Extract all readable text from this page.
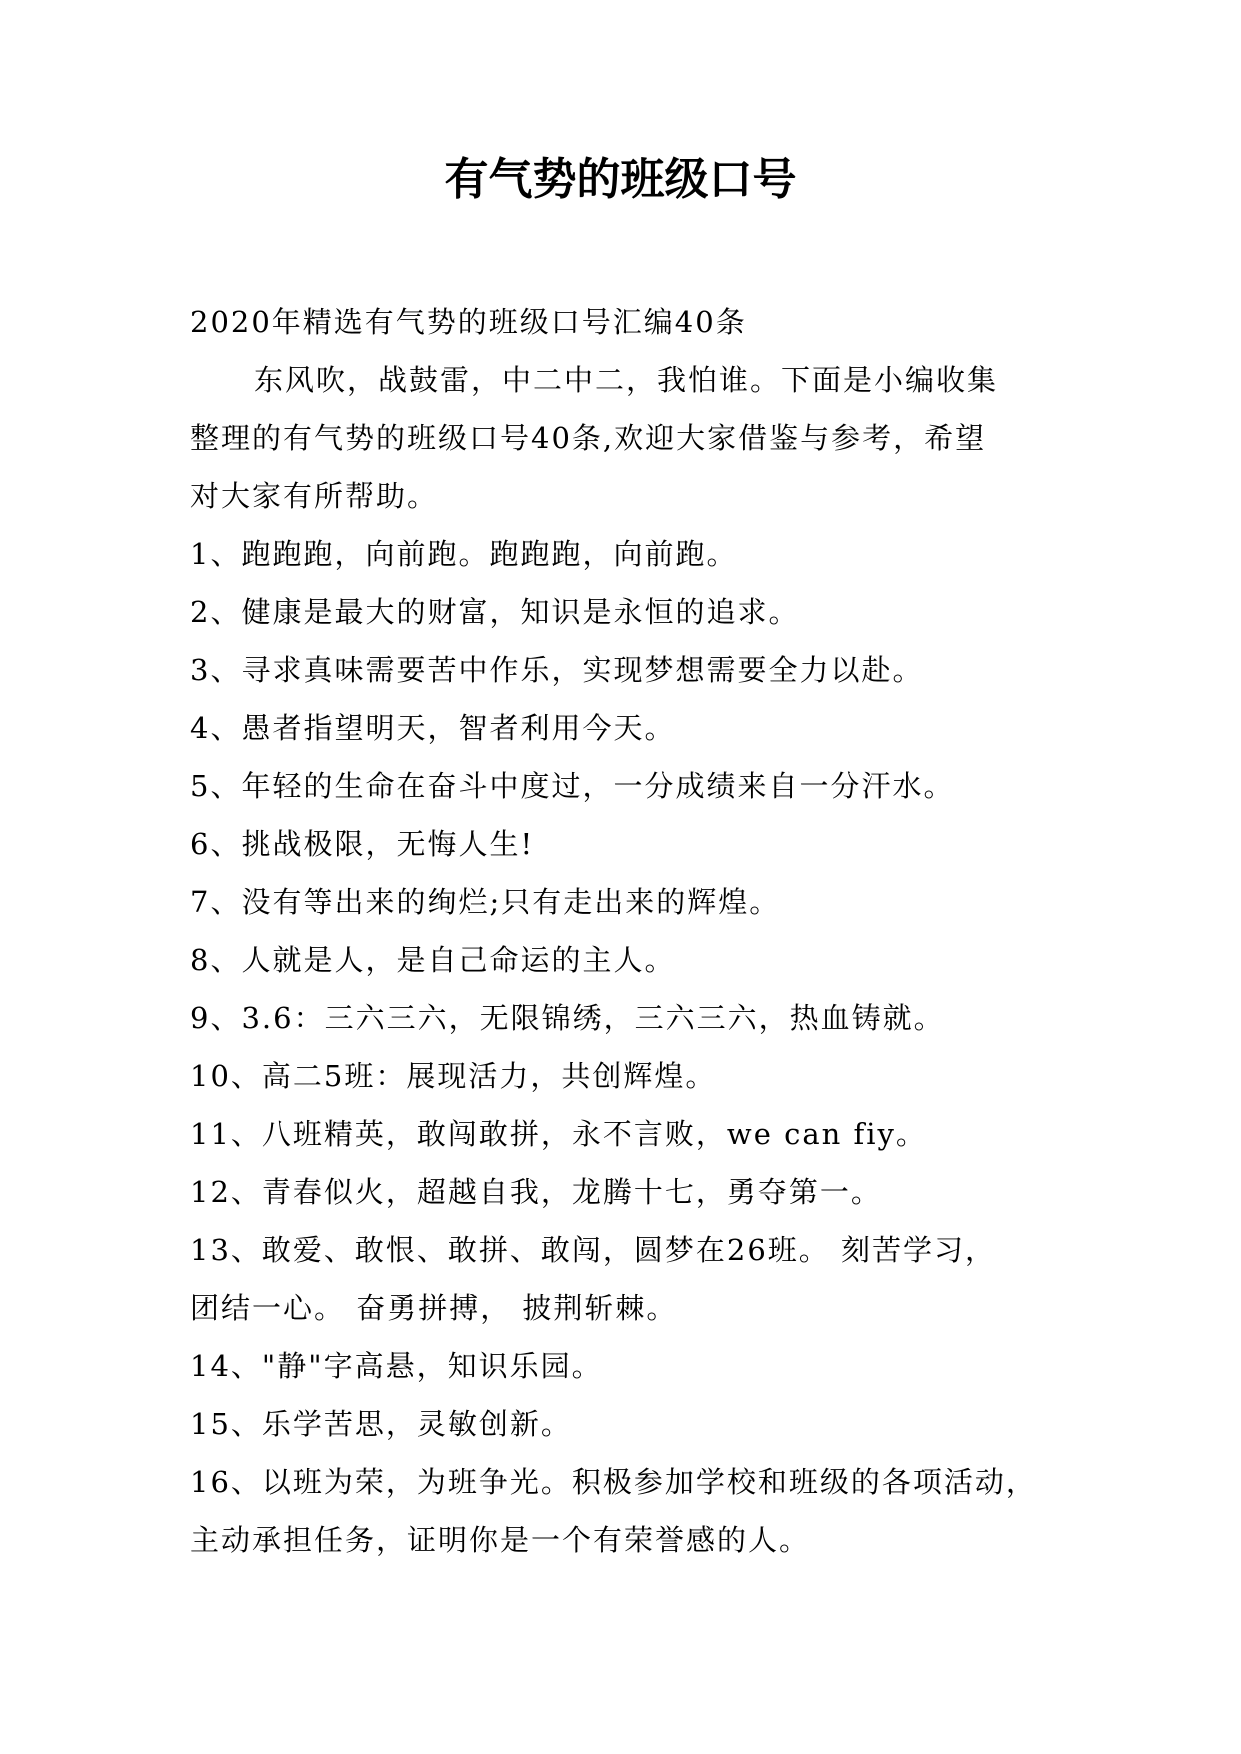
有气势的班级口号

2020年精选有气势的班级口号汇编40条

东风吹，战鼓雷，中二中二，我怕谁。下面是小编收集

整理的有气势的班级口号40条,欢迎大家借鉴与参考，希望

对大家有所帮助。

1、跑跑跑，向前跑。跑跑跑，向前跑。

2、健康是最大的财富，知识是永恒的追求。

3、寻求真味需要苦中作乐，实现梦想需要全力以赴。

4、愚者指望明天，智者利用今天。

5、年轻的生命在奋斗中度过，一分成绩来自一分汗水。

6、挑战极限，无悔人生!

7、没有等出来的绚烂;只有走出来的辉煌。

8、人就是人，是自己命运的主人。

9、3.6：三六三六，无限锦绣，三六三六，热血铸就。

10、高二5班：展现活力，共创辉煌。

11、八班精英，敢闯敢拼，永不言败，we can fiy。

12、青春似火，超越自我，龙腾十七，勇夺第一。

13、敢爱、敢恨、敢拼、敢闯，圆梦在26班。 刻苦学习，

团结一心。 奋勇拼搏， 披荆斩棘。

14、"静"字高悬，知识乐园。

15、乐学苦思，灵敏创新。

16、以班为荣，为班争光。积极参加学校和班级的各项活动，

主动承担任务，证明你是一个有荣誉感的人。
